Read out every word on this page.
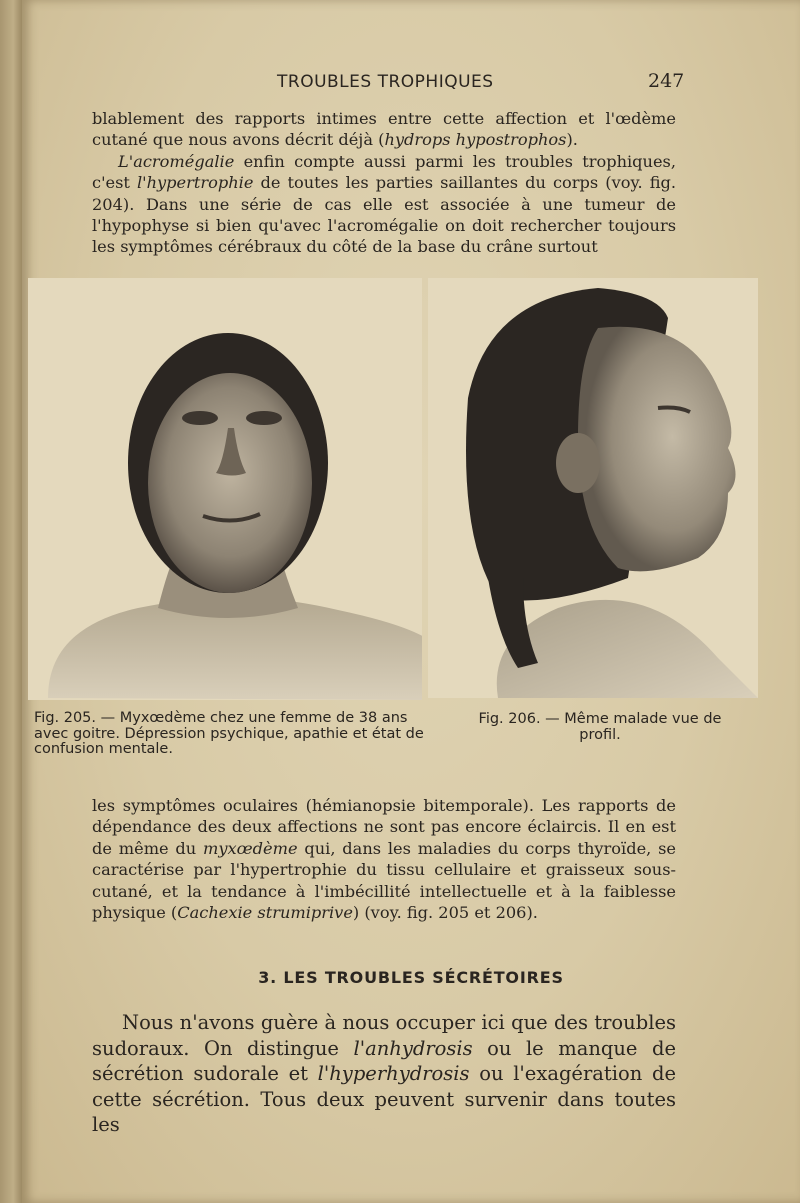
TROUBLES TROPHIQUES	247

blablement des rapports intimes entre cette affection et l'œdème cutané que nous avons décrit déjà (hydrops hypostrophos).
L'acromégalie enfin compte aussi parmi les troubles trophiques, c'est l'hypertrophie de toutes les parties saillantes du corps (voy. fig. 204). Dans une série de cas elle est associée à une tumeur de l'hypophyse si bien qu'avec l'acromégalie on doit rechercher toujours les symptômes cérébraux du côté de la base du crâne surtout

Fig. 205. — Myxœdème chez une femme de 38 ans avec goitre. Dépression psychique, apathie et état de confusion mentale.

Fig. 206. — Même malade vue de profil.

les symptômes oculaires (hémianopsie bitemporale). Les rapports de dépendance des deux affections ne sont pas encore éclaircis. Il en est de même du myxœdème qui, dans les maladies du corps thyroïde, se caractérise par l'hypertrophie du tissu cellulaire et graisseux sous-cutané, et la tendance à l'imbécillité intellectuelle et à la faiblesse physique (Cachexie strumiprive) (voy. fig. 205 et 206).

3. LES TROUBLES SÉCRÉTOIRES

Nous n'avons guère à nous occuper ici que des troubles sudoraux. On distingue l'anhydrosis ou le manque de sécrétion sudorale et l'hyperhydrosis ou l'exagération de cette sécrétion. Tous deux peuvent survenir dans toutes les
